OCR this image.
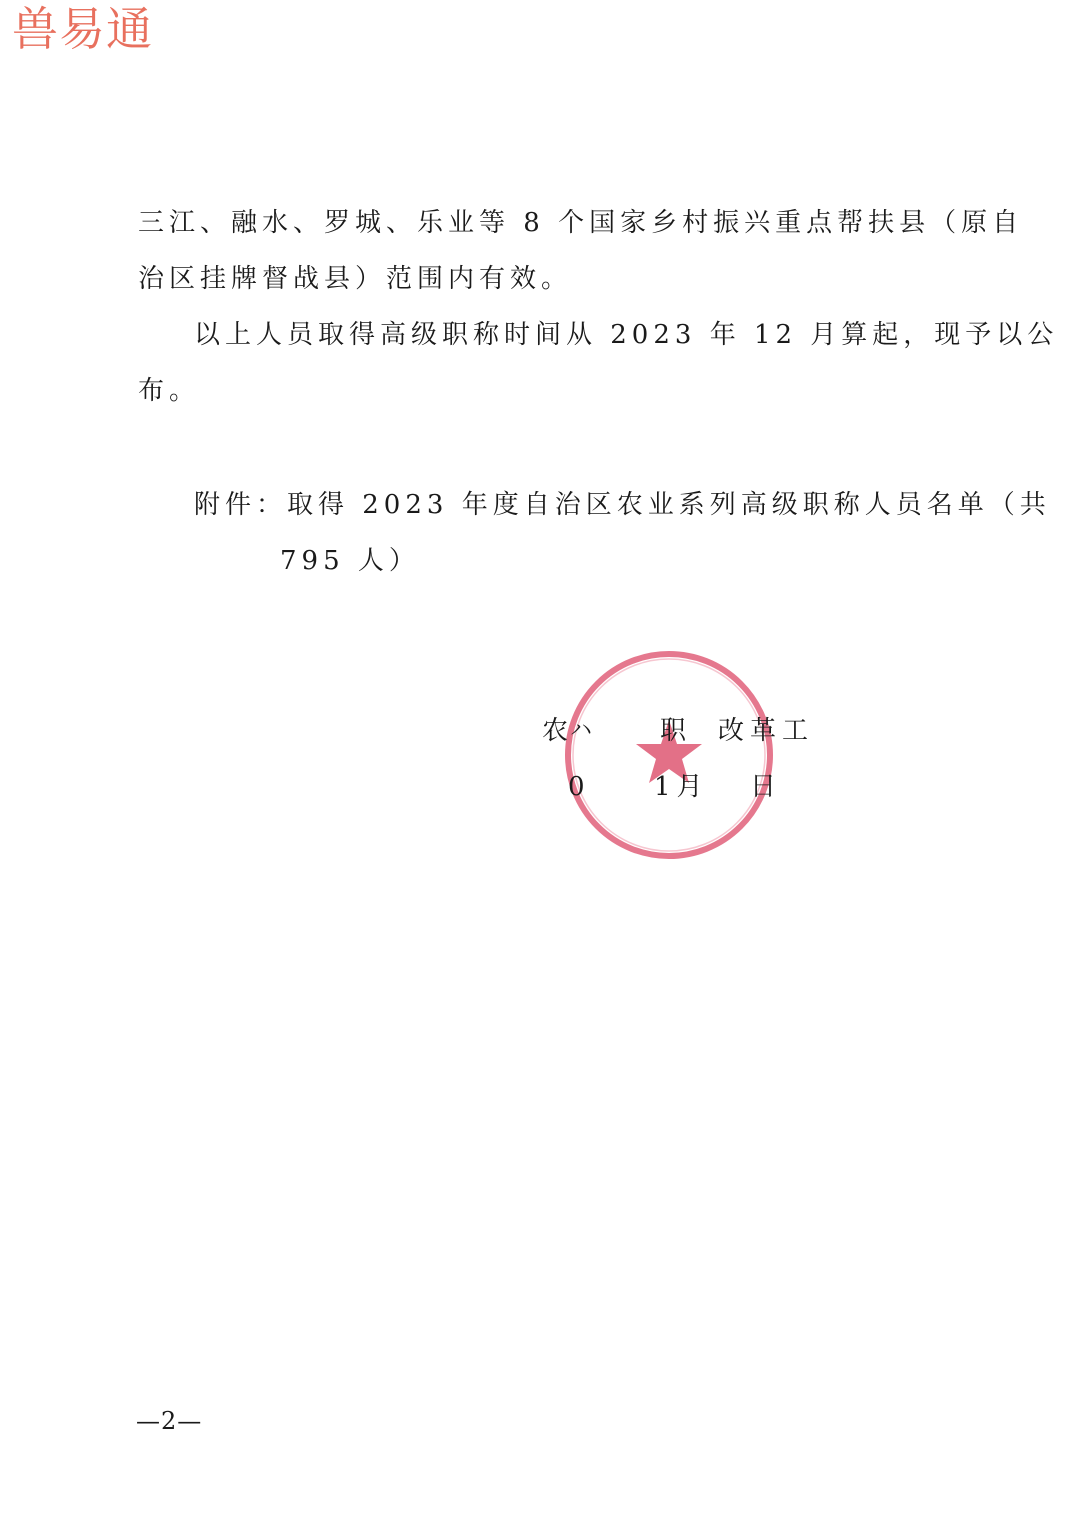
兽易通
三江、融水、罗城、乐业等 8 个国家乡村振兴重点帮扶县（原自
治区挂牌督战县）范围内有效。
以上人员取得高级职称时间从 2023 年 12 月算起，现予以公
布。
附件：取得 2023 年度自治区农业系列高级职称人员名单（共
795 人）
农
ハ 职 改革工
0 1月 日
—2—
